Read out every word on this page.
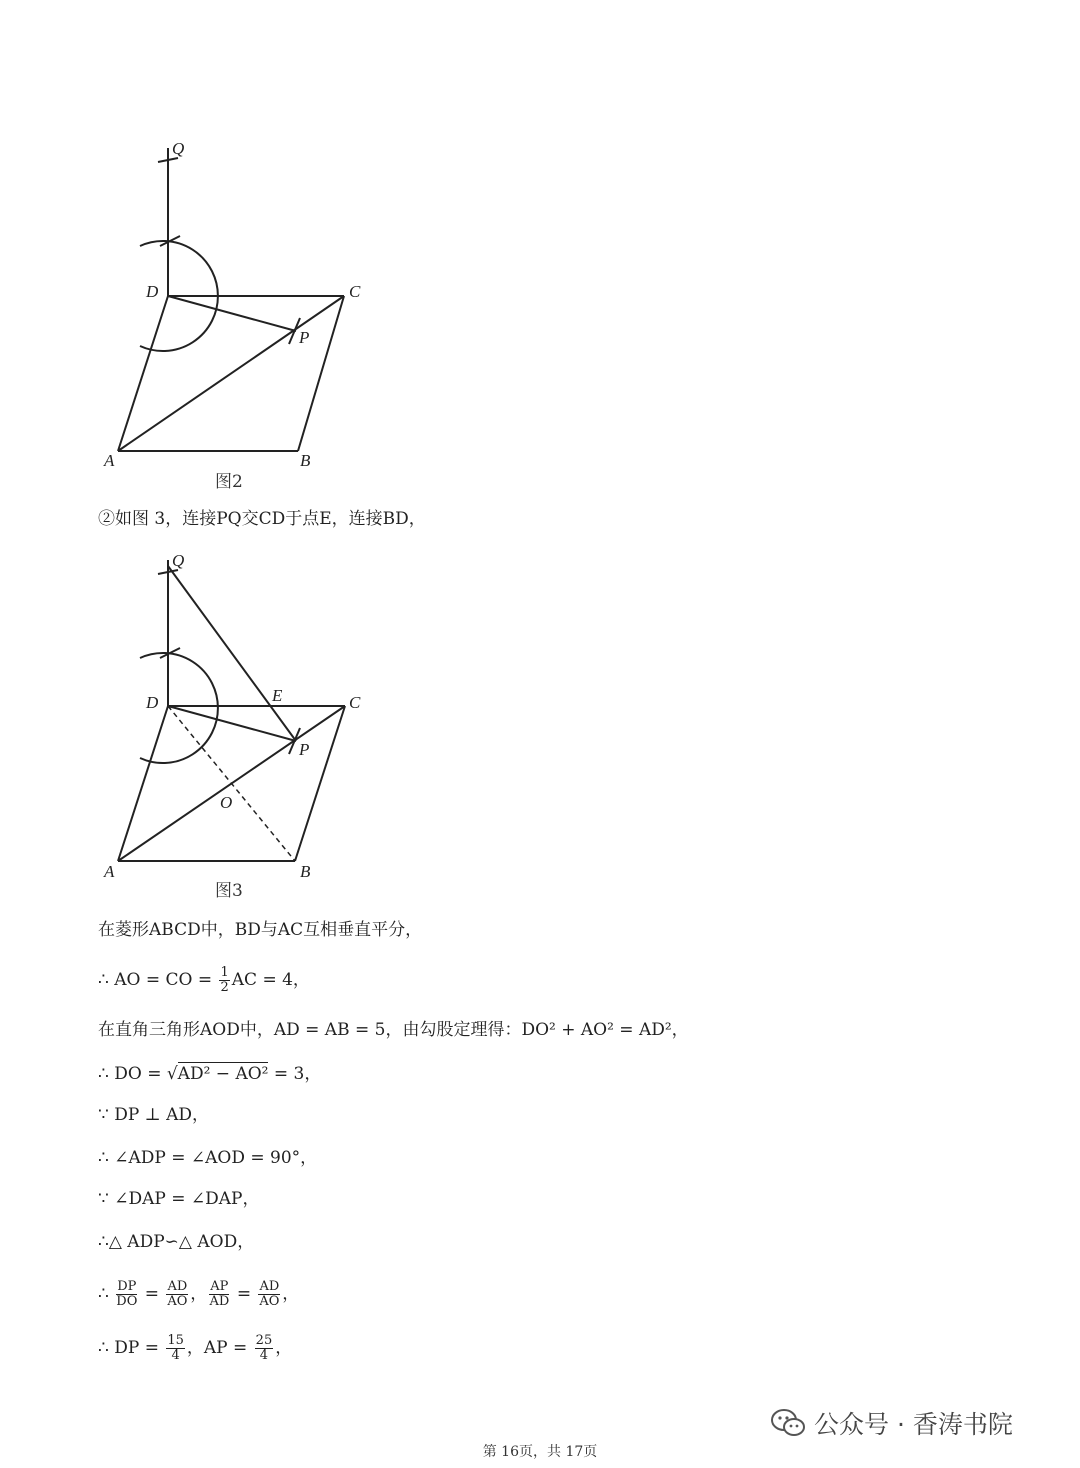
Q
D	C
P
A	B
图2
②如图 3，连接PQ交CD于点E，连接BD，
Q
D	E	C
P
O
A	B
图3
在菱形ABCD中，BD与AC互相垂直平分，
∴ AO = CO = $\frac{1}{2}$ AC = 4，
在直角三角形AOD中，AD = AB = 5，由勾股定理得：DO² + AO² = AD²，
∴ DO = √AD² − AO² = 3，
∵ DP ⊥ AD，
∴ ∠ADP = ∠AOD = 90°，
∵ ∠DAP = ∠DAP，
∴△ ADP∽△ AOD，
∴ $\frac{DP}{DO} = \frac{AD}{AO}$ ， $\frac{AP}{AD} = \frac{AD}{AO}$ ，
∴ DP = $\frac{15}{4}$ ，AP = $\frac{25}{4}$ ，
公众号 · 香涛书院
第 16页，共 17页
